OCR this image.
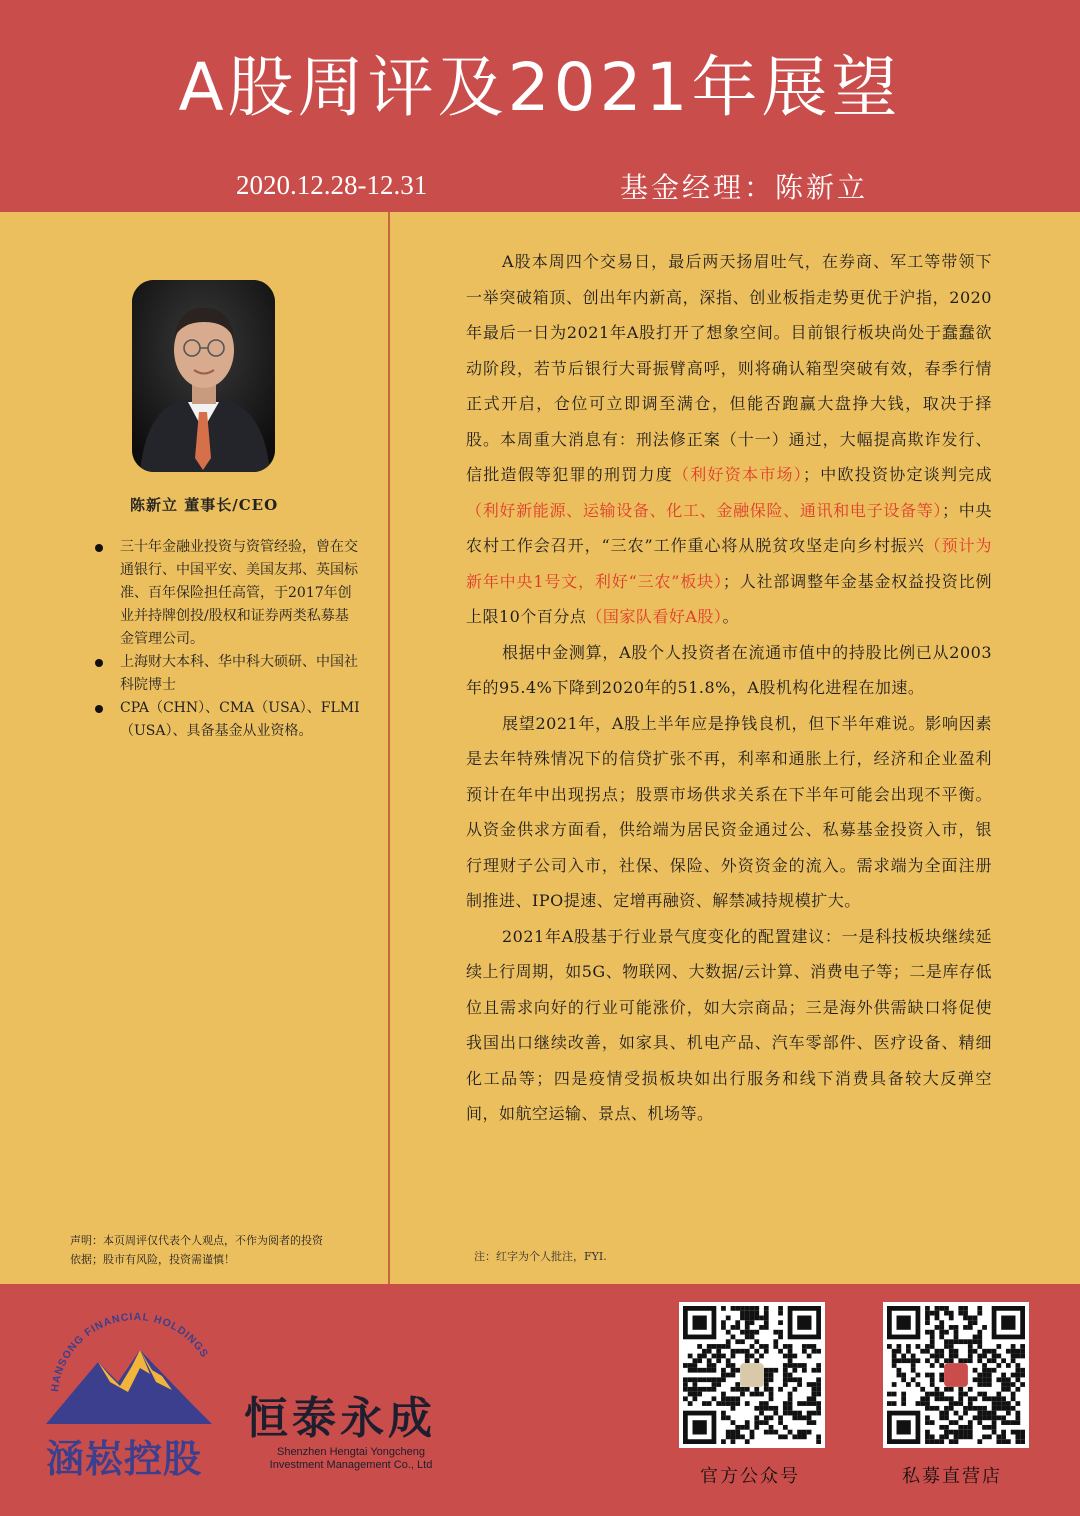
A股周评及2021年展望
2020.12.28-12.31	基金经理：陈新立
陈新立 董事长/CEO
三十年金融业投资与资管经验，曾在交通银行、中国平安、美国友邦、英国标准、百年保险担任高管，于2017年创业并持牌创投/股权和证券两类私募基金管理公司。
上海财大本科、华中科大硕研、中国社科院博士
CPA（CHN）、CMA（USA）、FLMI（USA）、具备基金从业资格。
声明：本页周评仅代表个人观点，不作为阅者的投资依据；股市有风险，投资需谨慎！

A股本周四个交易日，最后两天扬眉吐气，在券商、军工等带领下一举突破箱顶、创出年内新高，深指、创业板指走势更优于沪指，2020年最后一日为2021年A股打开了想象空间。目前银行板块尚处于蠢蠢欲动阶段，若节后银行大哥振臂高呼，则将确认箱型突破有效，春季行情正式开启，仓位可立即调至满仓，但能否跑赢大盘挣大钱，取决于择股。本周重大消息有：刑法修正案（十一）通过，大幅提高欺诈发行、信批造假等犯罪的刑罚力度（利好资本市场）；中欧投资协定谈判完成（利好新能源、运输设备、化工、金融保险、通讯和电子设备等）；中央农村工作会召开，“三农”工作重心将从脱贫攻坚走向乡村振兴（预计为新年中央1号文，利好“三农”板块）；人社部调整年金基金权益投资比例上限10个百分点（国家队看好A股）。

根据中金测算，A股个人投资者在流通市值中的持股比例已从2003年的95.4%下降到2020年的51.8%，A股机构化进程在加速。

展望2021年，A股上半年应是挣钱良机，但下半年难说。影响因素是去年特殊情况下的信贷扩张不再，利率和通胀上行，经济和企业盈利预计在年中出现拐点；股票市场供求关系在下半年可能会出现不平衡。从资金供求方面看，供给端为居民资金通过公、私募基金投资入市，银行理财子公司入市，社保、保险、外资资金的流入。需求端为全面注册制推进、IPO提速、定增再融资、解禁减持规模扩大。

2021年A股基于行业景气度变化的配置建议：一是科技板块继续延续上行周期，如5G、物联网、大数据/云计算、消费电子等；二是库存低位且需求向好的行业可能涨价，如大宗商品；三是海外供需缺口将促使我国出口继续改善，如家具、机电产品、汽车零部件、医疗设备、精细化工品等；四是疫情受损板块如出行服务和线下消费具备较大反弹空间，如航空运输、景点、机场等。

注：红字为个人批注，FYI.
HANSONG FINANCIAL HOLDINGS
涵崧控股
恒泰永成
Shenzhen Hengtai Yongcheng
Investment Management Co., Ltd
官方公众号	私募直营店
